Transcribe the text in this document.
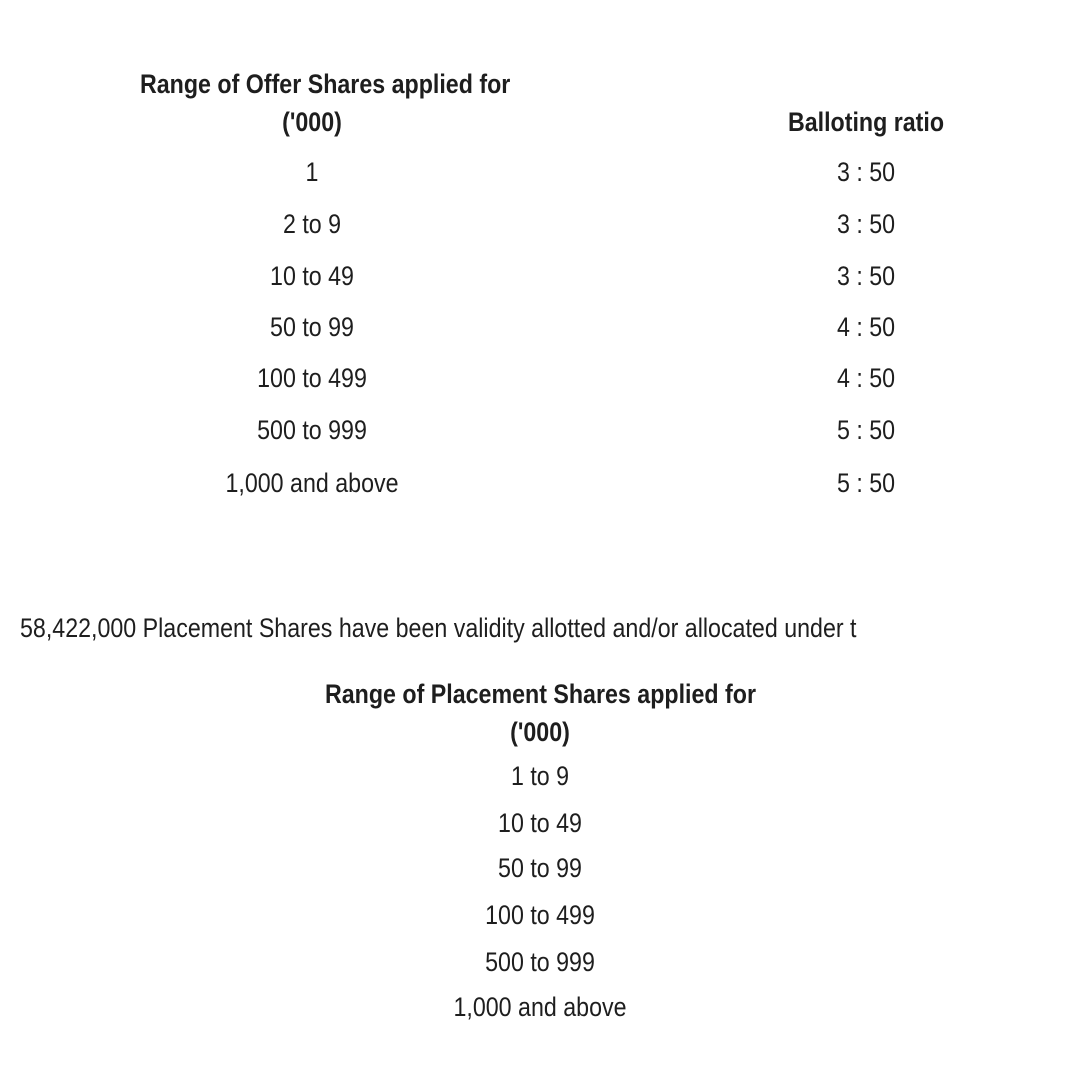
Range of Offer Shares applied for
('000)	Balloting ratio
1	3 : 50
2 to 9	3 : 50
10 to 49	3 : 50
50 to 99	4 : 50
100 to 499	4 : 50
500 to 999	5 : 50
1,000 and above	5 : 50
58,422,000 Placement Shares have been validity allotted and/or allocated under t
Range of Placement Shares applied for
('000)
1 to 9
10 to 49
50 to 99
100 to 499
500 to 999
1,000 and above
